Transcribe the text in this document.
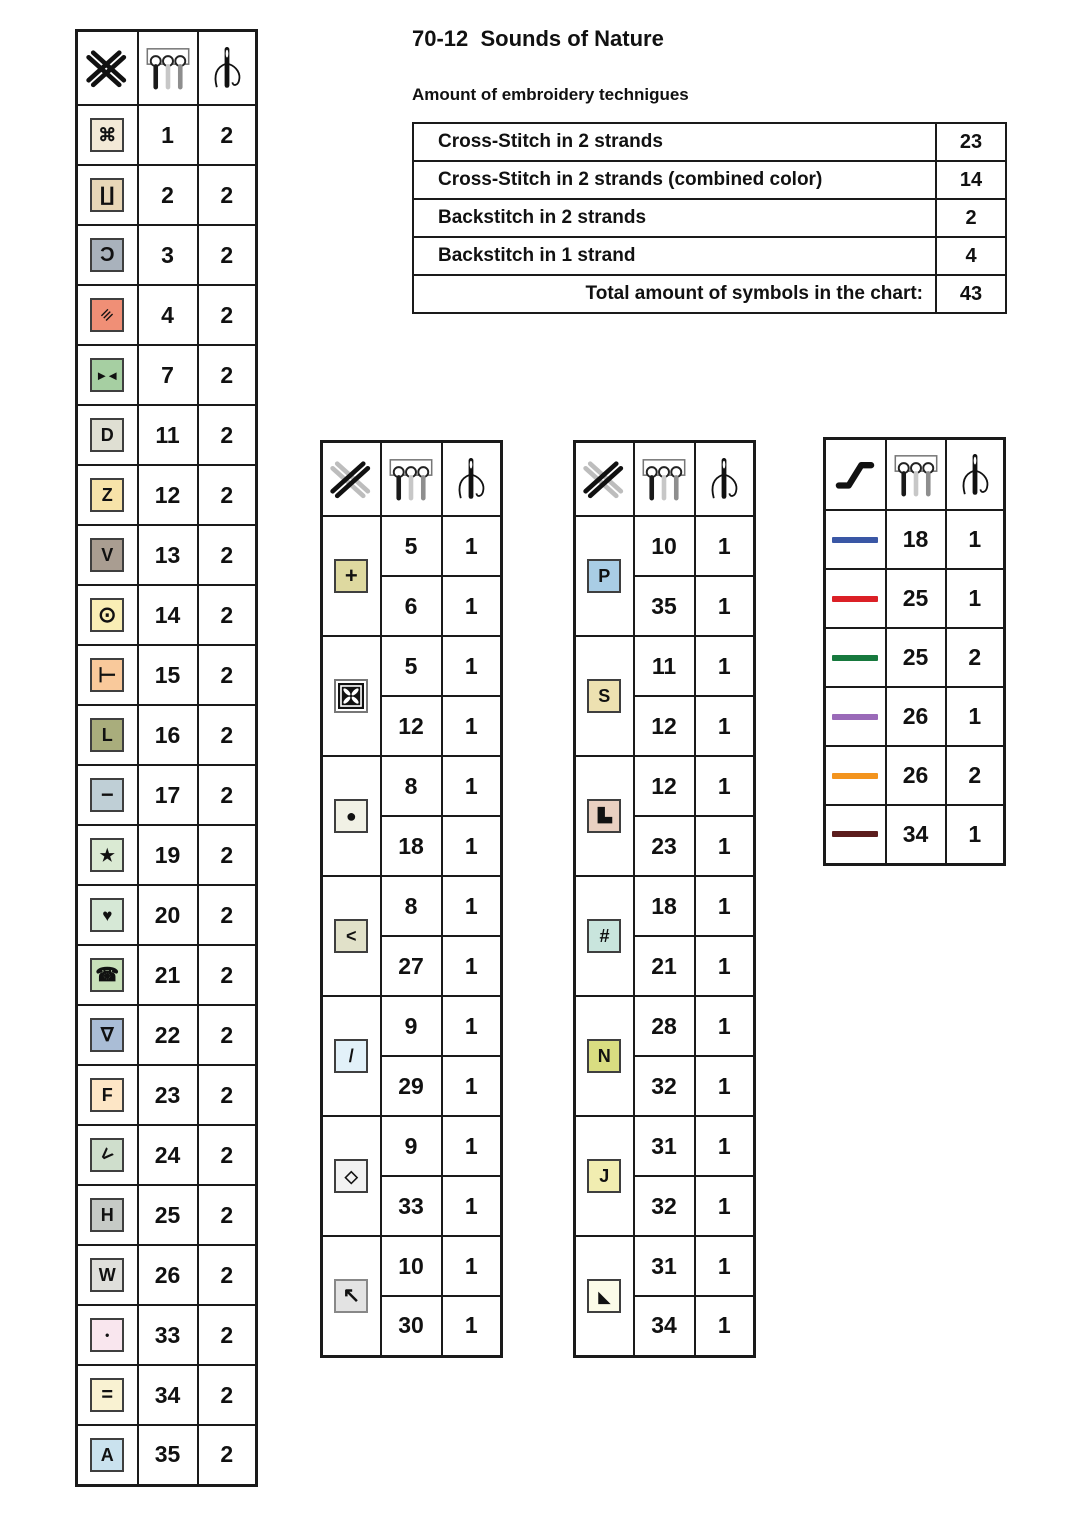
70-12  Sounds of Nature
Amount of embroidery technigues
Cross-Stitch in 2 strands	23
Cross-Stitch in 2 strands (combined color)	14
Backstitch in 2 strands	2
Backstitch in 1 strand	4
Total amount of symbols in the chart:	43

⌘	1	2

∐	2	2

C	3	2

≡	4	2

►◄	7	2

D	11	2

Z	12	2

V	13	2

⊙	14	2

⊢	15	2

L	16	2

−	17	2

★	19	2

♥	20	2

☎	21	2

∇	22	2

F	23	2

<	24	2

H	25	2

W	26	2

•	33	2

=	34	2

A	35	2

+	5	1
	6	1

	5	1
	12	1

●	8	1
	18	1

<	8	1
	27	1

/	9	1
	29	1

◇	9	1
	33	1

↖	10	1
	30	1

P	10	1
	35	1

S	11	1
	12	1

	12	1
	23	1

#	18	1
	21	1

N	28	1
	32	1

J	31	1
	32	1

◣	31	1
	34	1

	18	1

	25	1

	25	2

	26	1

	26	2

	34	1
